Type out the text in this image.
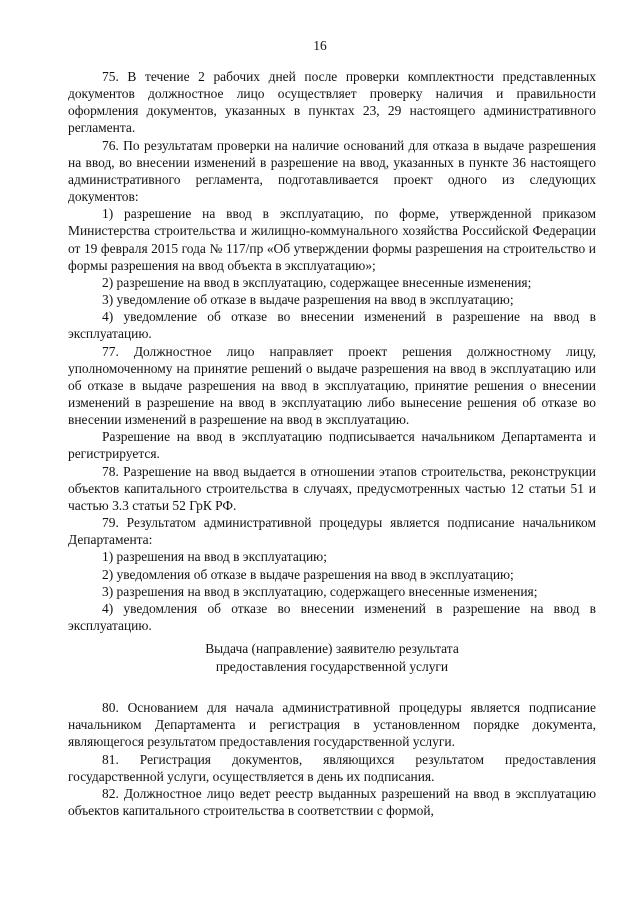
16

75. В течение 2 рабочих дней после проверки комплектности представленных документов должностное лицо осуществляет проверку наличия и правильности оформления документов, указанных в пунктах 23, 29 настоящего административного регламента.

76. По результатам проверки на наличие оснований для отказа в выдаче разрешения на ввод, во внесении изменений в разрешение на ввод, указанных в пункте 36 настоящего административного регламента, подготавливается проект одного из следующих документов:

1) разрешение на ввод в эксплуатацию, по форме, утвержденной приказом Министерства строительства и жилищно-коммунального хозяйства Российской Федерации от 19 февраля 2015 года № 117/пр «Об утверждении формы разрешения на строительство и формы разрешения на ввод объекта в эксплуатацию»;

2) разрешение на ввод в эксплуатацию, содержащее внесенные изменения;

3) уведомление об отказе в выдаче разрешения на ввод в эксплуатацию;

4) уведомление об отказе во внесении изменений в разрешение на ввод в эксплуатацию.

77. Должностное лицо направляет проект решения должностному лицу, уполномоченному на принятие решений о выдаче разрешения на ввод в эксплуатацию или об отказе в выдаче разрешения на ввод в эксплуатацию, принятие решения о внесении изменений в разрешение на ввод в эксплуатацию либо вынесение решения об отказе во внесении изменений в разрешение на ввод в эксплуатацию.

Разрешение на ввод в эксплуатацию подписывается начальником Департамента и регистрируется.

78. Разрешение на ввод выдается в отношении этапов строительства, реконструкции объектов капитального строительства в случаях, предусмотренных частью 12 статьи 51 и частью 3.3 статьи 52 ГрК РФ.

79. Результатом административной процедуры является подписание начальником Департамента:

1) разрешения на ввод в эксплуатацию;

2) уведомления об отказе в выдаче разрешения на ввод в эксплуатацию;

3) разрешения на ввод в эксплуатацию, содержащего внесенные изменения;

4) уведомления об отказе во внесении изменений в разрешение на ввод в эксплуатацию.

Выдача (направление) заявителю результата
предоставления государственной услуги

80. Основанием для начала административной процедуры является подписание начальником Департамента и регистрация в установленном порядке документа, являющегося результатом предоставления государственной услуги.

81. Регистрация документов, являющихся результатом предоставления государственной услуги, осуществляется в день их подписания.

82. Должностное лицо ведет реестр выданных разрешений на ввод в эксплуатацию объектов капитального строительства в соответствии с формой,
